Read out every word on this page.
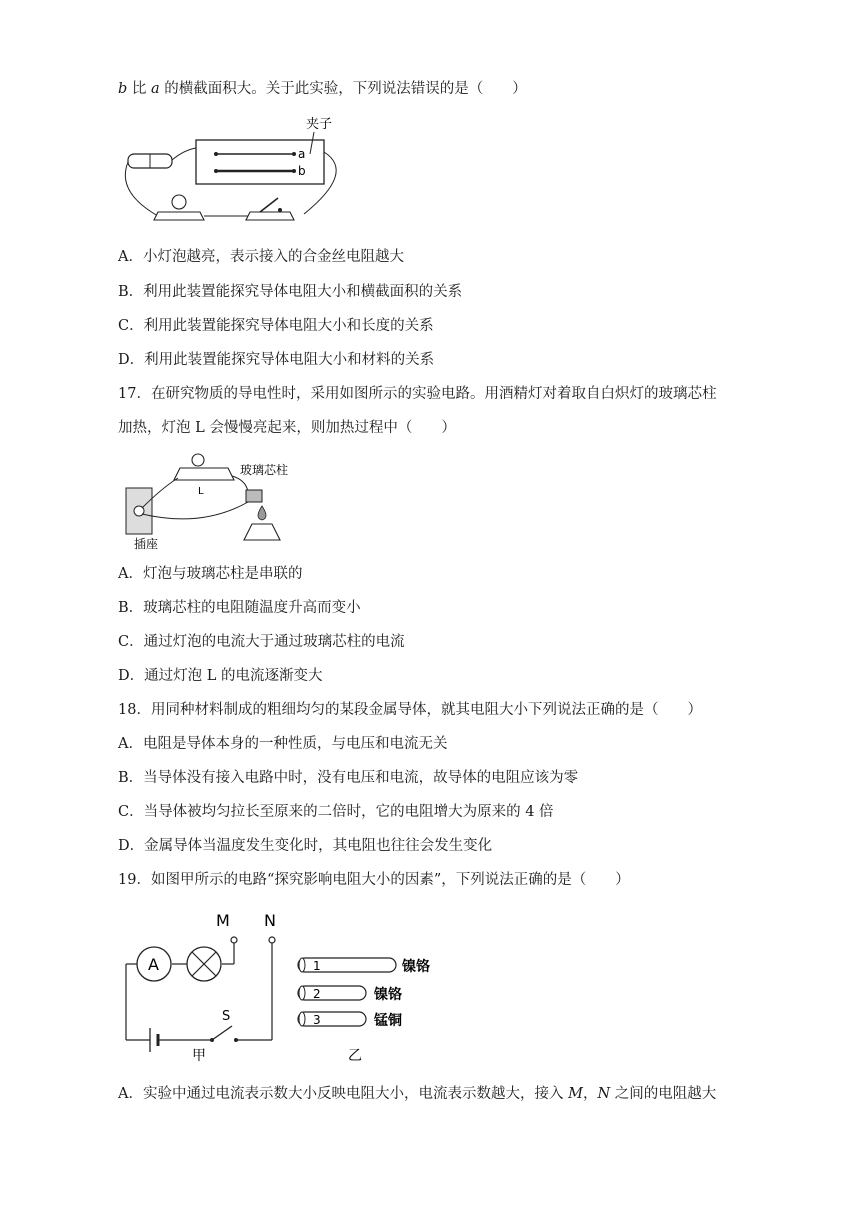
b 比 a 的横截面积大。关于此实验，下列说法错误的是（　　）
a
b
夹子
A．小灯泡越亮，表示接入的合金丝电阻越大
B．利用此装置能探究导体电阻大小和横截面积的关系
C．利用此装置能探究导体电阻大小和长度的关系
D．利用此装置能探究导体电阻大小和材料的关系
17．在研究物质的导电性时，采用如图所示的实验电路。用酒精灯对着取自白炽灯的玻璃芯柱
加热，灯泡 L 会慢慢亮起来，则加热过程中（　　）
插座
L
玻璃芯柱
A．灯泡与玻璃芯柱是串联的
B．玻璃芯柱的电阻随温度升高而变小
C．通过灯泡的电流大于通过玻璃芯柱的电流
D．通过灯泡 L 的电流逐渐变大
18．用同种材料制成的粗细均匀的某段金属导体，就其电阻大小下列说法正确的是（　　）
A．电阻是导体本身的一种性质，与电压和电流无关
B．当导体没有接入电路中时，没有电压和电流，故导体的电阻应该为零
C．当导体被均匀拉长至原来的二倍时，它的电阻增大为原来的 4 倍
D．金属导体当温度发生变化时，其电阻也往往会发生变化
19．如图甲所示的电路“探究影响电阻大小的因素”，下列说法正确的是（　　）
M N
A
S
甲
1	镍铬
2	镍铬
3	锰铜
乙
A．实验中通过电流表示数大小反映电阻大小，电流表示数越大，接入 M，N 之间的电阻越大
